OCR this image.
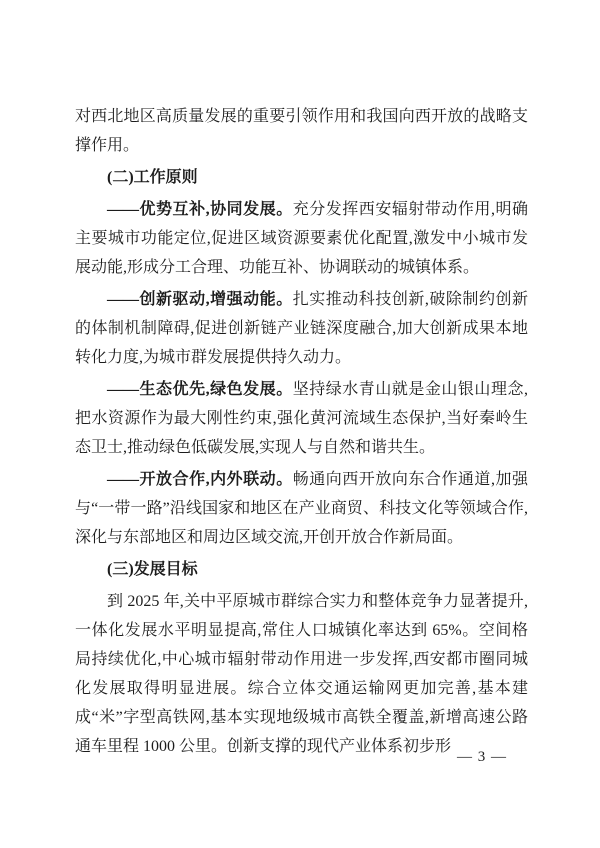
对西北地区高质量发展的重要引领作用和我国向西开放的战略支撑作用。

(二)工作原则

——优势互补,协同发展。充分发挥西安辐射带动作用,明确主要城市功能定位,促进区域资源要素优化配置,激发中小城市发展动能,形成分工合理、功能互补、协调联动的城镇体系。

——创新驱动,增强动能。扎实推动科技创新,破除制约创新的体制机制障碍,促进创新链产业链深度融合,加大创新成果本地转化力度,为城市群发展提供持久动力。

——生态优先,绿色发展。坚持绿水青山就是金山银山理念,把水资源作为最大刚性约束,强化黄河流域生态保护,当好秦岭生态卫士,推动绿色低碳发展,实现人与自然和谐共生。

——开放合作,内外联动。畅通向西开放向东合作通道,加强与“一带一路”沿线国家和地区在产业商贸、科技文化等领域合作,深化与东部地区和周边区域交流,开创开放合作新局面。

(三)发展目标

到 2025 年,关中平原城市群综合实力和整体竞争力显著提升,一体化发展水平明显提高,常住人口城镇化率达到 65%。空间格局持续优化,中心城市辐射带动作用进一步发挥,西安都市圈同城化发展取得明显进展。综合立体交通运输网更加完善,基本建成“米”字型高铁网,基本实现地级城市高铁全覆盖,新增高速公路通车里程 1000 公里。创新支撑的现代产业体系初步形

— 3 —
